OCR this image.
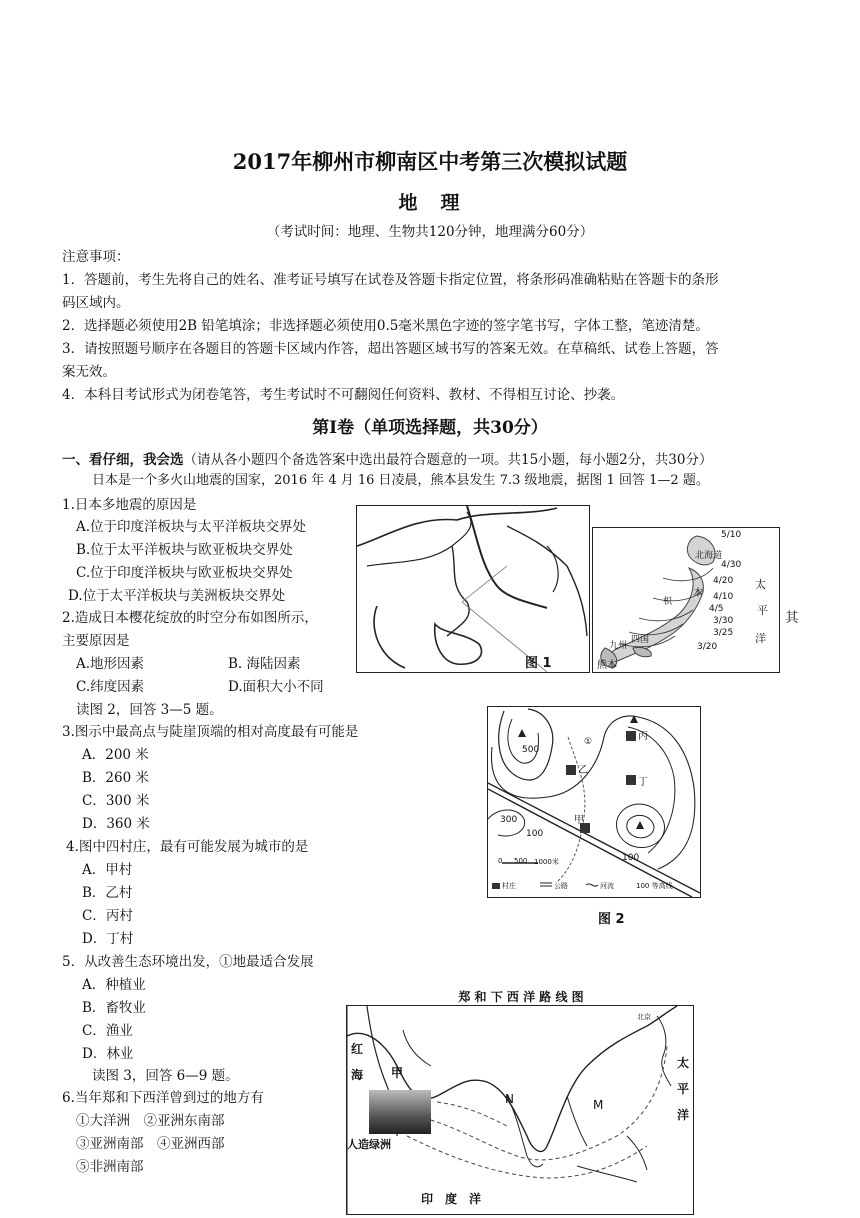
2017年柳州市柳南区中考第三次模拟试题
地　理
（考试时间：地理、生物共120分钟，地理满分60分）
注意事项：
1．答题前，考生先将自己的姓名、准考证号填写在试卷及答题卡指定位置，将条形码准确粘贴在答题卡的条形
码区域内。
2．选择题必须使用2B 铅笔填涂；非选择题必须使用0.5毫米黑色字迹的签字笔书写，字体工整，笔迹清楚。
3．请按照题号顺序在各题目的答题卡区域内作答，超出答题区域书写的答案无效。在草稿纸、试卷上答题，答
案无效。
4．本科目考试形式为闭卷笔答，考生考试时不可翻阅任何资料、教材、不得相互讨论、抄袭。
第Ⅰ卷（单项选择题，共30分）
一、看仔细，我会选（请从各小题四个备选答案中选出最符合题意的一项。共15小题，每小题2分，共30分）
日本是一个多火山地震的国家，2016 年 4 月 16 日凌晨，熊本县发生 7.3 级地震，据图 1 回答 1—2 题。
1.日本多地震的原因是
A.位于印度洋板块与太平洋板块交界处
B.位于太平洋板块与欧亚板块交界处
C.位于印度洋板块与欧亚板块交界处
D.位于太平洋板块与美洲板块交界处
2.造成日本樱花绽放的时空分布如图所示，	其
主要原因是
A.地形因素	B. 海陆因素
C.纬度因素	D.面积大小不同
读图 2，回答 3—5 题。
3.图示中最高点与陡崖顶端的相对高度最有可能是
A．200 米
B．260 米
C．300 米
D．360 米
4.图中四村庄，最有可能发展为城市的是
A．甲村
B．乙村
C．丙村
D．丁村
5．从改善生态环境出发，①地最适合发展
A．种植业
B．畜牧业
C．渔业
D．林业
读图 3，回答 6—9 题。
6.当年郑和下西洋曾到过的地方有
①大洋洲　②亚洲东南部
③亚洲南部　④亚洲西部
⑤非洲南部
图 1
5/10
北海道
4/30
4/20 太
本
枳	4/10
4/5	平
3/30
3/25 洋
四国
九州	3/20
熊本
丙
乙
丁
甲
①
500
300
100
100
0 500 1000米
村庄	公路	河流	100 等高线
图 2
郑 和 下 西 洋 路 线 图
红
海 甲
人造绿洲
N	M
北京
太
平
洋
印　度　洋
